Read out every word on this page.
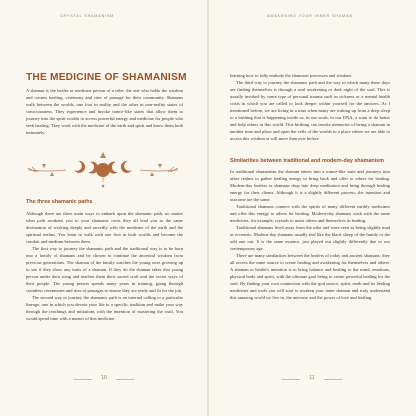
CRYSTAL SHAMANISM
THE MEDICINE OF SHAMANISM

A shaman is the healer or medicine person of a tribe, the one who holds the wisdom and creates healing, ceremony and rites of passage for their community. Shamans walk between the worlds, one foot in reality and the other in non-reality states of consciousness. They experience and invoke trance-like states that allow them to journey into the spirit worlds to access powerful energy and medicine for people who seek healing. They work with the medicine of the earth and spirit and know them both intimately.

The three shamanic paths

Although there are three main ways to embark upon the shamanic path, no matter what path awakens you to your shamanic roots they all lead you to the same destination of working deeply and sacredly with the medicine of the earth and the spiritual realms. You learn to walk with one foot in both worlds and become the conduit and medium between them.

The first way to journey the shamanic path and the traditional way is to be born into a family of shamans and be chosen to continue the ancestral wisdom from previous generations. The shaman of the family watches the young ones growing up to see if they show any traits of a shaman. If they do the shaman takes that young person under their wing and teaches them their sacred craft and the secret ways of their people. The young person spends many years in training, going through countless ceremonies and rites of passages to ensure they are ready and fit for the job.

The second way to journey the shamanic path is an internal calling to a particular lineage, one in which you devote your life to a specific tradition and make your way through the teachings and initiations with the intention of mastering the craft. You would spend time with a master of this medicine

10
AWAKENING YOUR INNER SHAMAN

learning how to fully embody the shamanic processes and wisdom.

The third way to journey the shamanic path and the way in which many these days are finding themselves is through a soul awakening or dark night of the soul. This is usually invoked by some type of personal trauma such as sickness or a mental health crisis in which you are called to look deeper within yourself for the answers. As I mentioned before, we are living in a time when many are waking up from a deep sleep to a birthing that is happening inside us, in our souls, in our DNA, a want to do better and help others in this world. This birthing can invoke memories of being a shaman in another time and place and open the veils of the worlds to a place where we are able to access this wisdom at will more than ever before.

Similarities between traditional and modern-day shamanism

In traditional shamanism the shaman enters into a trance-like state and journeys into other realms to gather healing energy to bring back and offer to others for healing. Modern-day healers or shamans drop into deep meditation and bring through healing energy for their clients. Although it is a slightly different process, the intention and outcome are the same.

Traditional shamans connect with the spirits of many different earthly medicines and offer this energy to others for healing. Modern-day shamans work with the same medicines; for example, crystals to assist others and themselves in healing.

Traditional shamans lived away from the tribe and were seen as being slightly mad or eccentric. Modern-day shamans usually feel like the black sheep of the family or the odd one out. It is the same essence, just played out slightly differently due to our contemporary age.

There are many similarities between the healers of today and ancient shamans: they all access the same source to create healing and awakening for themselves and others. A shaman or healer's intention is to bring balance and healing to the mind, emotions, physical body and spirit, with the ultimate goal being to create powerful healing for the soul. By finding your own connection with the god source, spirit, earth and its healing medicines and tools you will start to awaken your inner shaman and truly understand this amazing world we live in, the universe and the power of love and healing.

11
